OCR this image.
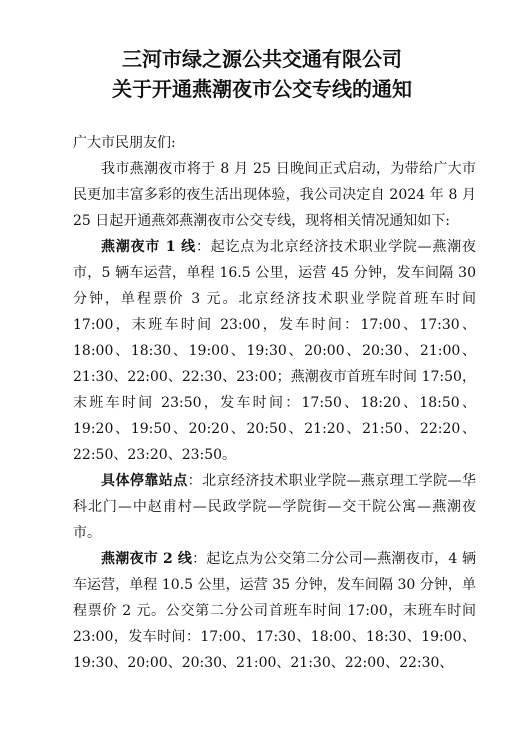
三河市绿之源公共交通有限公司
关于开通燕潮夜市公交专线的通知
广大市民朋友们:

我市燕潮夜市将于 8 月 25 日晚间正式启动，为带给广大市民更加丰富多彩的夜生活出现体验，我公司决定自 2024 年 8 月 25 日起开通燕郊燕潮夜市公交专线，现将相关情况通知如下:

燕潮夜市 1 线：起讫点为北京经济技术职业学院—燕潮夜市，5 辆车运营，单程 16.5 公里，运营 45 分钟，发车间隔 30 分钟，单程票价 3 元。北京经济技术职业学院首班车时间 17:00，末班车时间 23:00，发车时间：17:00、17:30、18:00、18:30、19:00、19:30、20:00、20:30、21:00、21:30、22:00、22:30、23:00；燕潮夜市首班车时间 17:50，末班车时间 23:50，发车时间：17:50、18:20、18:50、19:20、19:50、20:20、20:50、21:20、21:50、22:20、22:50、23:20、23:50。

具体停靠站点：北京经济技术职业学院—燕京理工学院—华科北门—中赵甫村—民政学院—学院街—交干院公寓—燕潮夜市。

燕潮夜市 2 线：起讫点为公交第二分公司—燕潮夜市，4 辆车运营，单程 10.5 公里，运营 35 分钟，发车间隔 30 分钟，单程票价 2 元。公交第二分公司首班车时间 17:00，末班车时间 23:00，发车时间：17:00、17:30、18:00、18:30、19:00、19:30、20:00、20:30、21:00、21:30、22:00、22:30、
